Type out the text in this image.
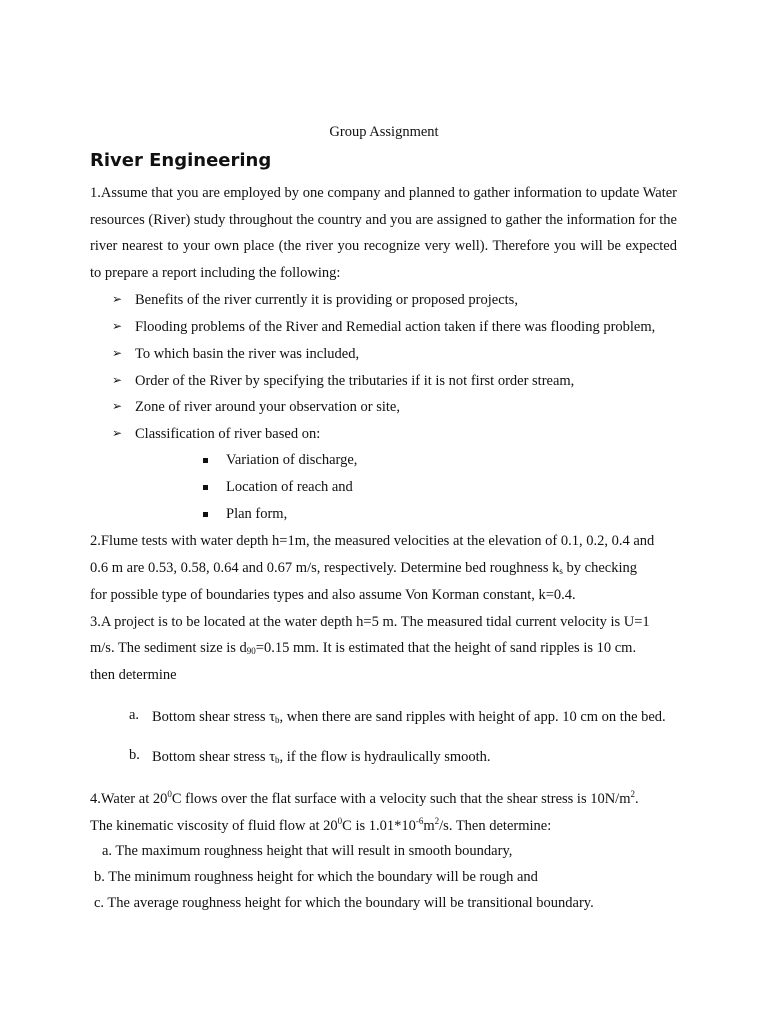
Group Assignment
River Engineering

1.Assume that you are employed by one company and planned to gather information to update Water resources (River) study throughout the country and you are assigned to gather the information for the river nearest to your own place (the river you recognize very well). Therefore you will be expected to prepare a report including the following:

➢ Benefits of the river currently it is providing or proposed projects,
➢ Flooding problems of the River and Remedial action taken if there was flooding problem,
➢ To which basin the river was included,
➢ Order of the River by specifying the tributaries if it is not first order stream,
➢ Zone of river around your observation or site,
➢ Classification of river based on:
Variation of discharge,
Location of reach and
Plan form,
2.Flume tests with water depth h=1m, the measured velocities at the elevation of 0.1, 0.2, 0.4 and
0.6 m are 0.53, 0.58, 0.64 and 0.67 m/s, respectively. Determine bed roughness $k_s$ by checking
for possible type of boundaries types and also assume Von Korman constant, k=0.4.
3.A project is to be located at the water depth h=5 m. The measured tidal current velocity is U=1
m/s. The sediment size is $d_{90}=0.15$ mm. It is estimated that the height of sand ripples is 10 cm.
then determine
a. Bottom shear stress $\tau_b$, when there are sand ripples with height of app. 10 cm on the bed.
b. Bottom shear stress $\tau_b$, if the flow is hydraulically smooth.
4.Water at $20^0C$ flows over the flat surface with a velocity such that the shear stress is $10N/m^2$.
The kinematic viscosity of fluid flow at $20^0C$ is $1.01*10^{-6}m^2/s$. Then determine:
a. The maximum roughness height that will result in smooth boundary,
b. The minimum roughness height for which the boundary will be rough and
c. The average roughness height for which the boundary will be transitional boundary.
